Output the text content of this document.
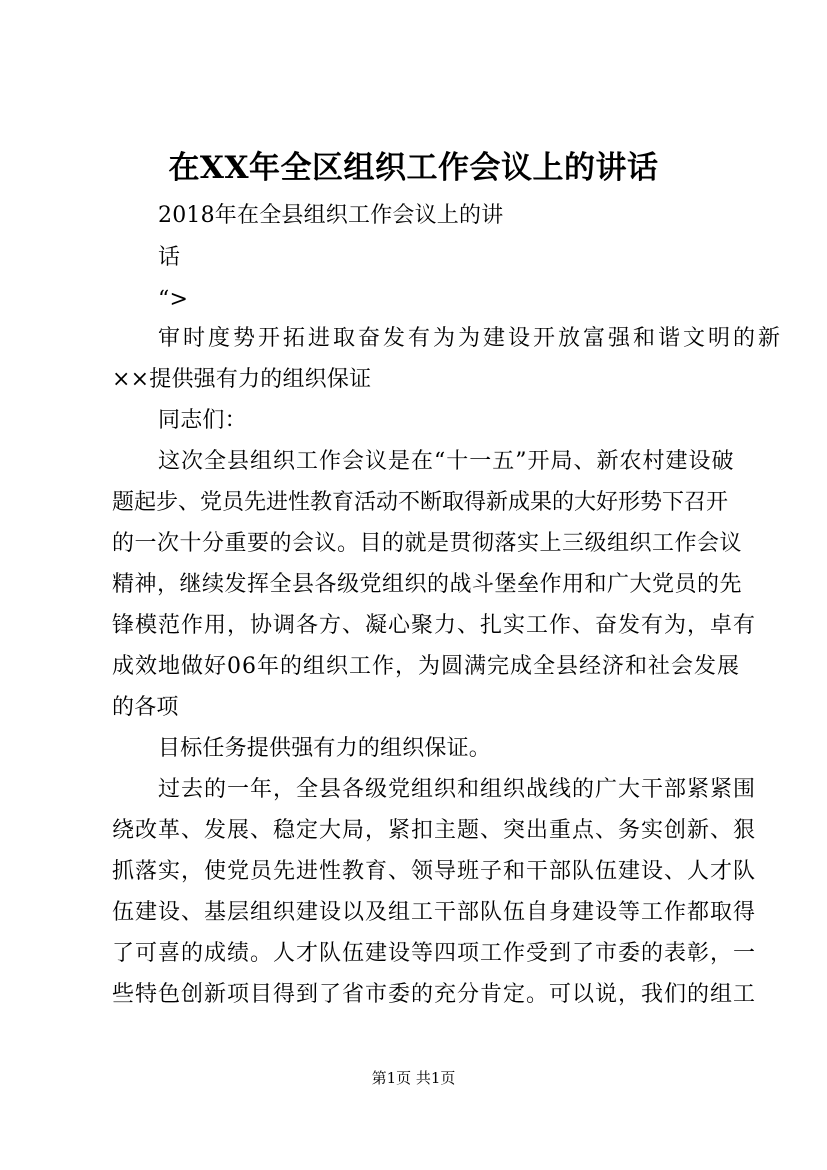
在XX年全区组织工作会议上的讲话
2018年在全县组织工作会议上的讲
话
“>
审时度势开拓进取奋发有为为建设开放富强和谐文明的新
××提供强有力的组织保证
同志们：
这次全县组织工作会议是在“十一五”开局、新农村建设破
题起步、党员先进性教育活动不断取得新成果的大好形势下召开
的一次十分重要的会议。目的就是贯彻落实上三级组织工作会议
精神，继续发挥全县各级党组织的战斗堡垒作用和广大党员的先
锋模范作用，协调各方、凝心聚力、扎实工作、奋发有为，卓有
成效地做好06年的组织工作，为圆满完成全县经济和社会发展
的各项
目标任务提供强有力的组织保证。
过去的一年，全县各级党组织和组织战线的广大干部紧紧围
绕改革、发展、稳定大局，紧扣主题、突出重点、务实创新、狠
抓落实，使党员先进性教育、领导班子和干部队伍建设、人才队
伍建设、基层组织建设以及组工干部队伍自身建设等工作都取得
了可喜的成绩。人才队伍建设等四项工作受到了市委的表彰，一
些特色创新项目得到了省市委的充分肯定。可以说，我们的组工
第1页 共1页
